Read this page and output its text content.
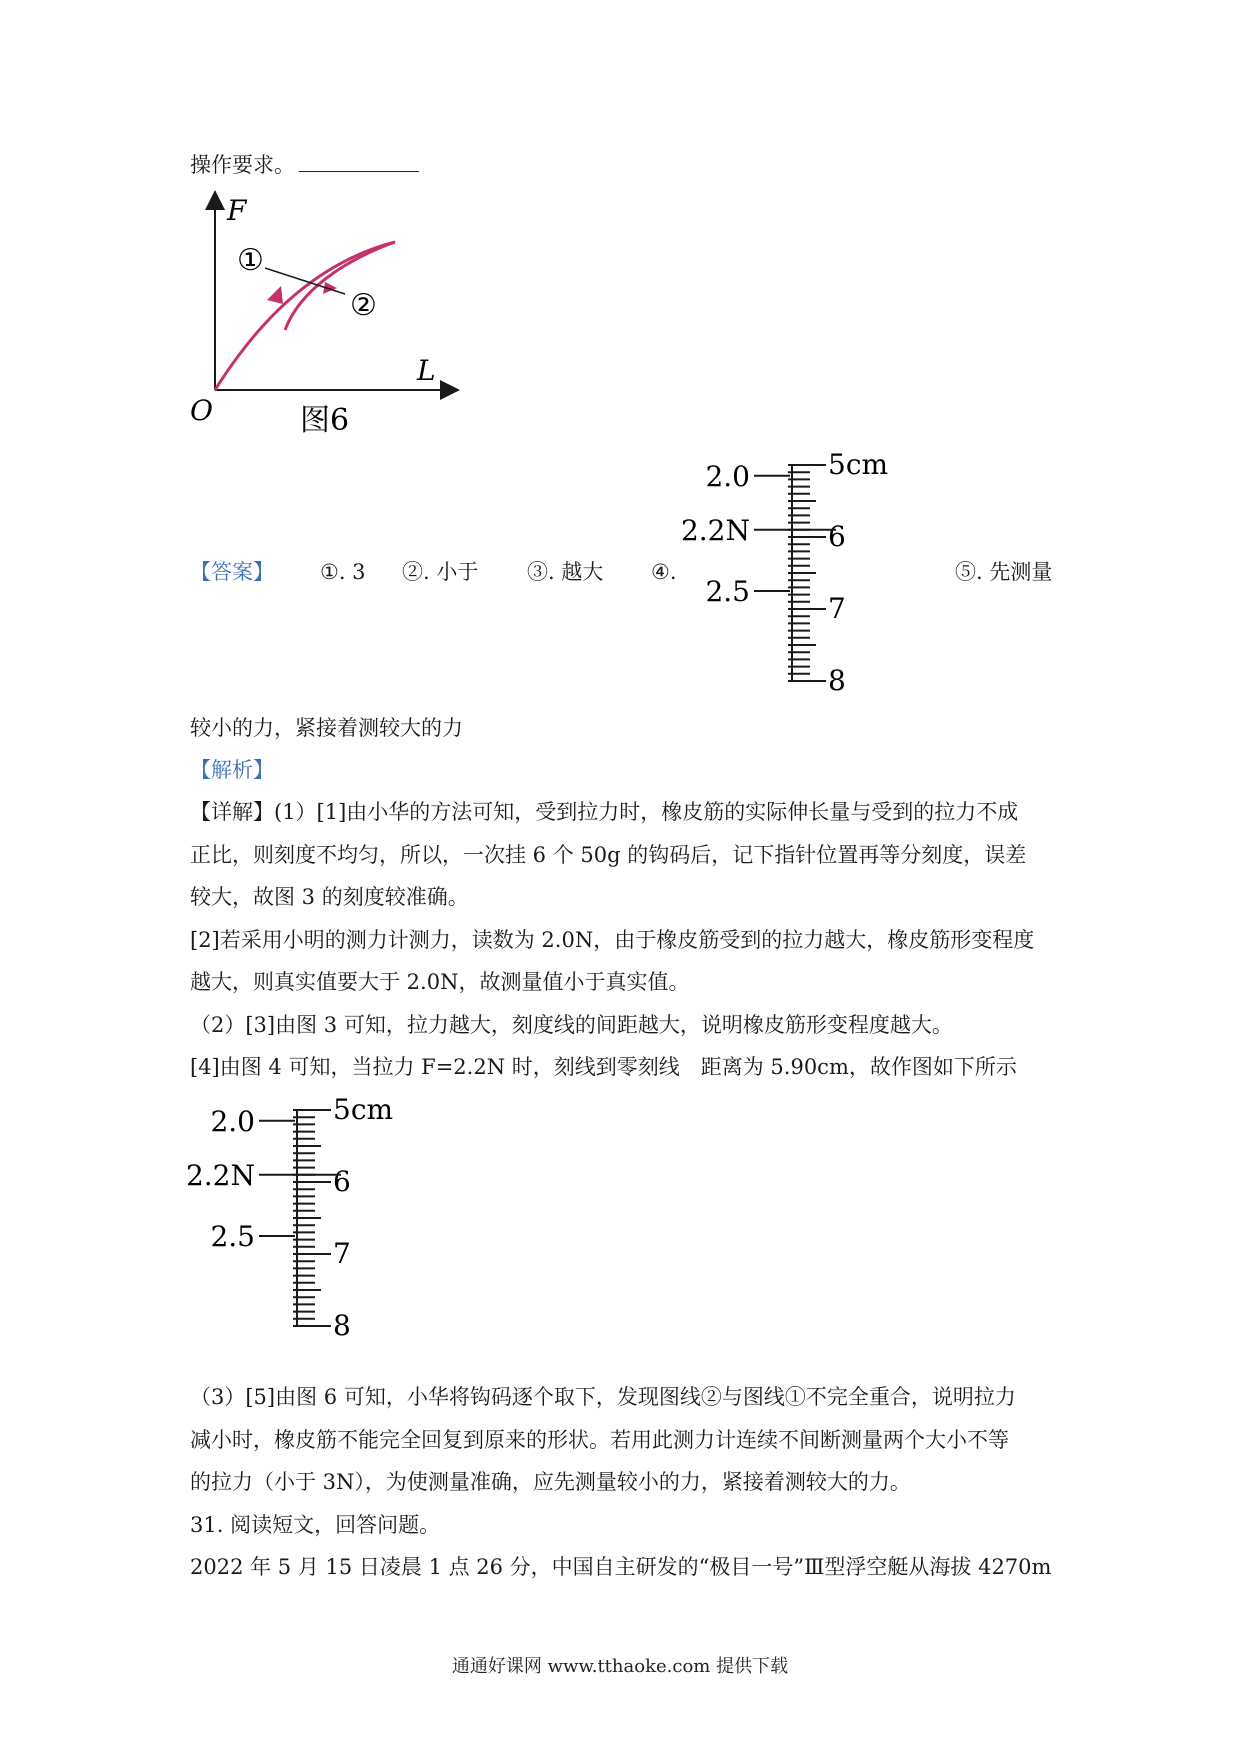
操作要求。
F
L
O
①
②
图6
【答案】 ①. 3 ②. 小于 ③. 越大 ④.	⑤. 先测量
5cm
6
7
8
2.0
2.2N
2.5
较小的力，紧接着测较大的力
【解析】
【详解】(1）[1]由小华的方法可知，受到拉力时，橡皮筋的实际伸长量与受到的拉力不成
正比，则刻度不均匀，所以，一次挂 6 个 50g 的钩码后，记下指针位置再等分刻度，误差
较大，故图 3 的刻度较准确。
[2]若采用小明的测力计测力，读数为 2.0N，由于橡皮筋受到的拉力越大，橡皮筋形变程度
越大，则真实值要大于 2.0N，故测量值小于真实值。
（2）[3]由图 3 可知，拉力越大，刻度线的间距越大，说明橡皮筋形变程度越大。
[4]由图 4 可知，当拉力 F=2.2N 时，刻线到零刻线　距离为 5.90cm，故作图如下所示
5cm
6
7
8
2.0
2.2N
2.5
（3）[5]由图 6 可知，小华将钩码逐个取下，发现图线②与图线①不完全重合，说明拉力
减小时，橡皮筋不能完全回复到原来的形状。若用此测力计连续不间断测量两个大小不等
的拉力（小于 3N），为使测量准确，应先测量较小的力，紧接着测较大的力。
31. 阅读短文，回答问题。
2022 年 5 月 15 日凌晨 1 点 26 分，中国自主研发的“极目一号”Ⅲ型浮空艇从海拔 4270m
通通好课网 www.tthaoke.com 提供下载
